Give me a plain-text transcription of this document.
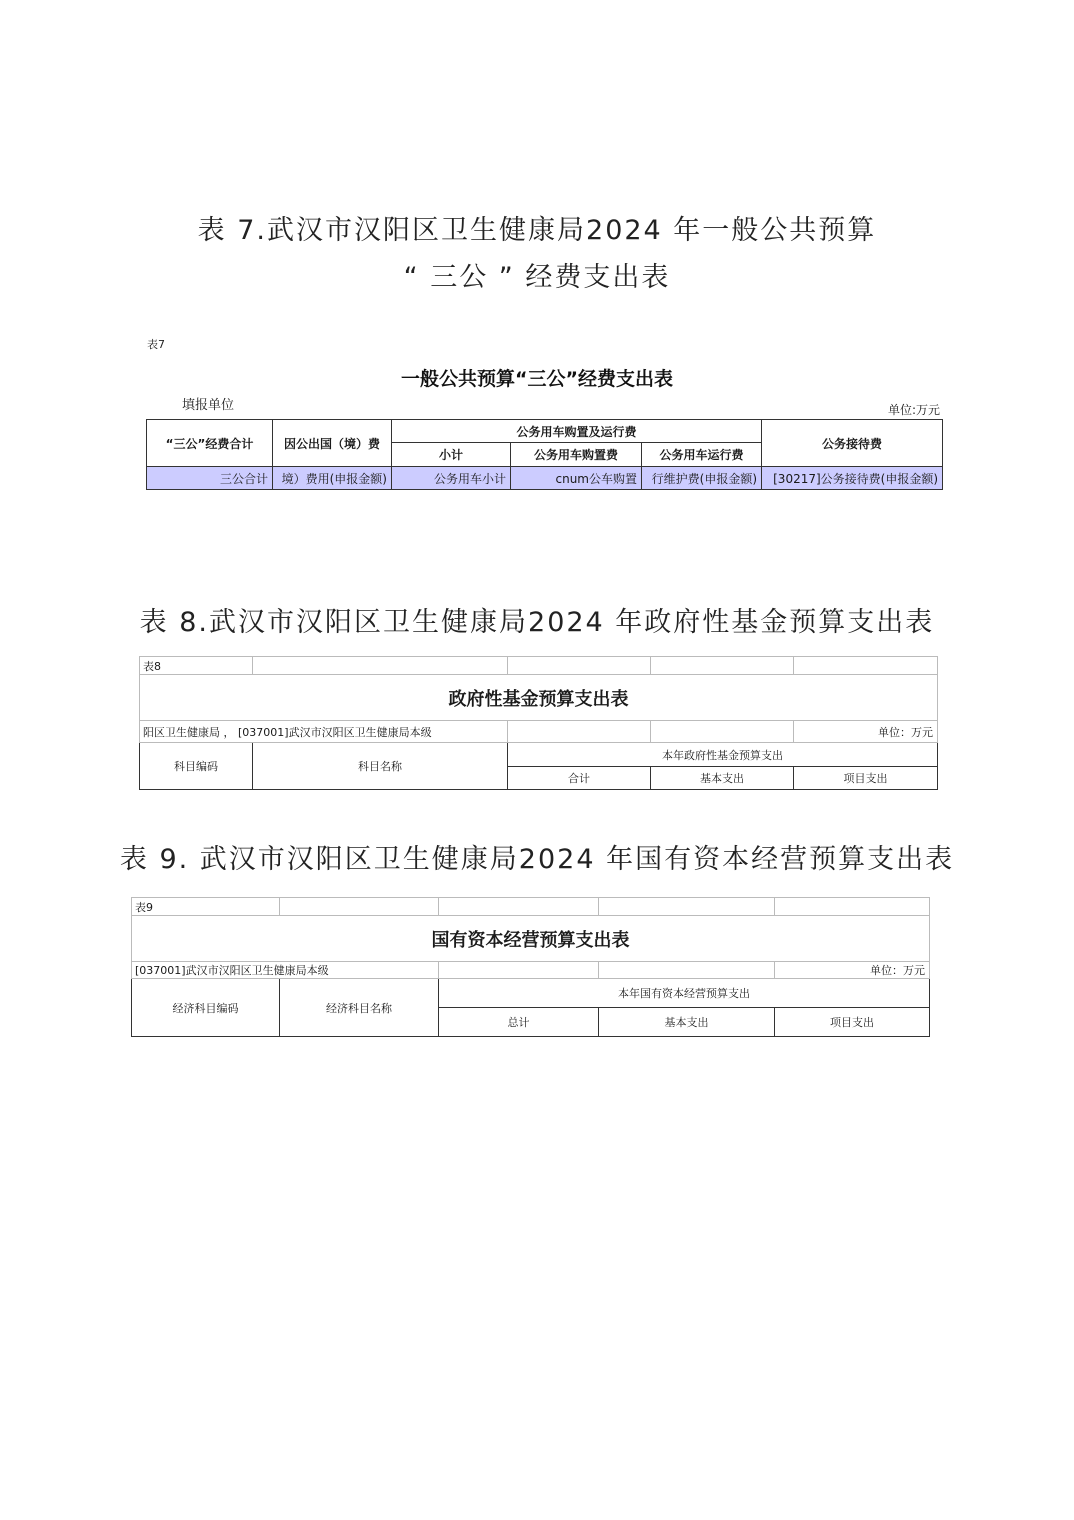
表 7.武汉市汉阳区卫生健康局2024 年一般公共预算
“ 三公 ” 经费支出表
表7
一般公共预算“三公”经费支出表
填报单位	单位:万元
“三公”经费合计	因公出国（境）费	公务用车购置及运行费			公务接待费
		小计	公务用车购置费	公务用车运行费	
三公合计	境）费用(申报金额)	公务用车小计	cnum公车购置	行维护费(申报金额)	[30217]公务接待费(申报金额)
表 8.武汉市汉阳区卫生健康局2024 年政府性基金预算支出表
表8				
政府性基金预算支出表				
阳区卫生健康局 ， [037001]武汉市汉阳区卫生健康局本级				单位：万元
科目编码	科目名称	本年政府性基金预算支出		
		合计	基本支出	项目支出
表 9. 武汉市汉阳区卫生健康局2024 年国有资本经营预算支出表
表9				
国有资本经营预算支出表				
[037001]武汉市汉阳区卫生健康局本级				单位：万元
经济科目编码	经济科目名称	本年国有资本经营预算支出		
		总计	基本支出	项目支出
